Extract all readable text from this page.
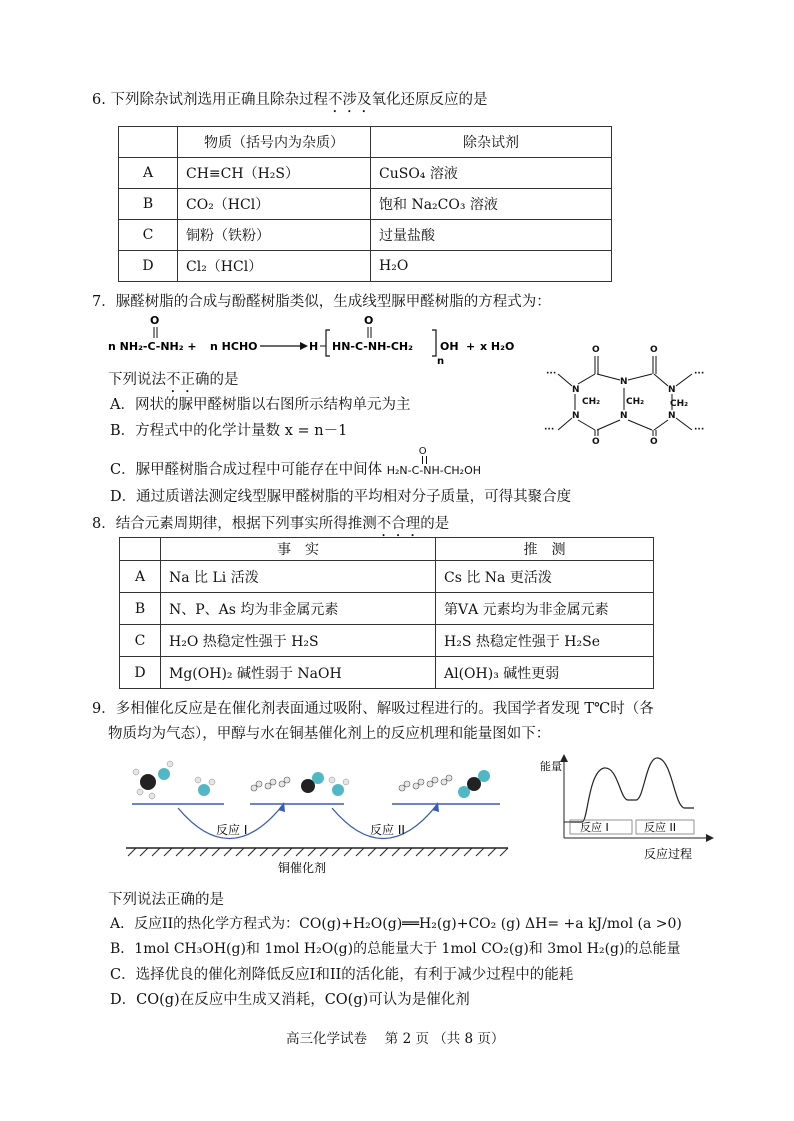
6. 下列除杂试剂选用正确且除杂过程不涉及氧化还原反应的是
	物质（括号内为杂质）	除杂试剂
A	CH≡CH（H₂S）	CuSO₄ 溶液
B	CO₂（HCl）	饱和 Na₂CO₃ 溶液
C	铜粉（铁粉）	过量盐酸
D	Cl₂（HCl）	H₂O
7．脲醛树脂的合成与酚醛树脂类似，生成线型脲甲醛树脂的方程式为：
O
n NH₂-C-NH₂ + n HCHO	H
O
HN-C-NH-CH₂
n
OH + x H₂O
下列说法不正确的是
A．网状的脲甲醛树脂以右图所示结构单元为主
B．方程式中的化学计量数 x = n－1
C．脲甲醛树脂合成过程中可能存在中间体
O
H₂N-C-NH-CH₂OH
D．通过质谱法测定线型脲甲醛树脂的平均相对分子质量，可得其聚合度
···	···
···	···
O	O
O	O
N
N
N
N	N	N
CH₂	CH₂	CH₂
8．结合元素周期律，根据下列事实所得推测不合理的是
	事　实	推　测
A	Na 比 Li 活泼	Cs 比 Na 更活泼
B	N、P、As 均为非金属元素	第ⅤA 元素均为非金属元素
C	H₂O 热稳定性强于 H₂S	H₂S 热稳定性强于 H₂Se
D	Mg(OH)₂ 碱性弱于 NaOH	Al(OH)₃ 碱性更弱
9．多相催化反应是在催化剂表面通过吸附、解吸过程进行的。我国学者发现 T℃时（各
物质均为气态），甲醇与水在铜基催化剂上的反应机理和能量图如下：
反应 I	反应 II
铜催化剂
能量
反应 I	反应 II
反应过程
下列说法正确的是
A．反应II的热化学方程式为：CO(g)+H₂O(g)══H₂(g)+CO₂ (g) ΔH= +a kJ/mol (a >0)
B．1mol CH₃OH(g)和 1mol H₂O(g)的总能量大于 1mol CO₂(g)和 3mol H₂(g)的总能量
C．选择优良的催化剂降低反应I和II的活化能，有利于减少过程中的能耗
D．CO(g)在反应中生成又消耗，CO(g)可认为是催化剂
高三化学试卷　 第 2 页 （共 8 页）
